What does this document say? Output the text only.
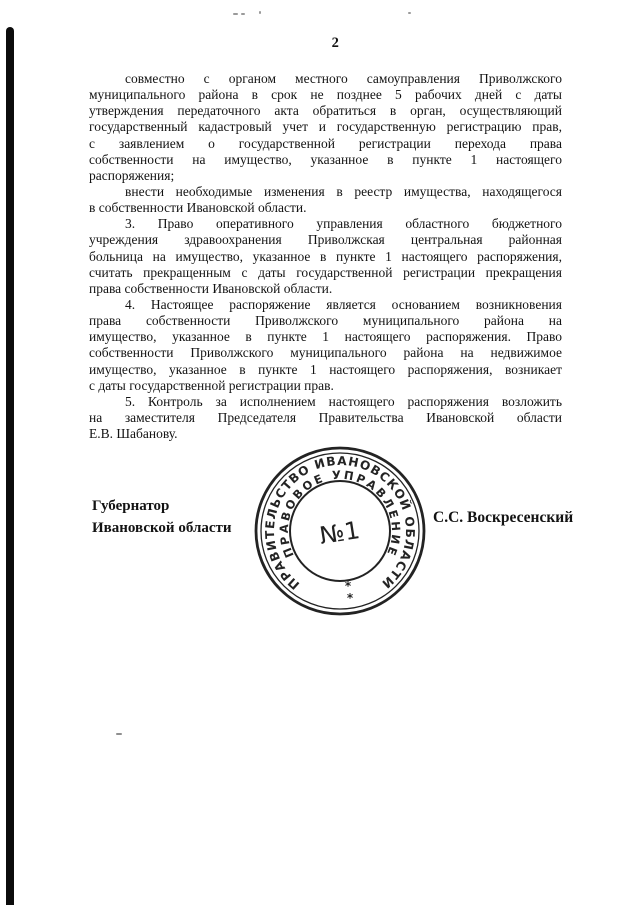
2
совместно с органом местного самоуправления Приволжского
муниципального района в срок не позднее 5 рабочих дней с даты
утверждения передаточного акта обратиться в орган, осуществляющий
государственный кадастровый учет и государственную регистрацию прав,
с заявлением о государственной регистрации перехода права
собственности на имущество, указанное в пункте 1 настоящего
распоряжения;
внести необходимые изменения в реестр имущества, находящегося
в собственности Ивановской области.
3. Право оперативного управления областного бюджетного
учреждения здравоохранения Приволжская центральная районная
больница на имущество, указанное в пункте 1 настоящего распоряжения,
считать прекращенным с даты государственной регистрации прекращения
права собственности Ивановской области.
4. Настоящее распоряжение является основанием возникновения
права собственности Приволжского муниципального района на
имущество, указанное в пункте 1 настоящего распоряжения. Право
собственности Приволжского муниципального района на недвижимое
имущество, указанное в пункте 1 настоящего распоряжения, возникает
с даты государственной регистрации прав.
5. Контроль за исполнением настоящего распоряжения возложить
на заместителя Председателя Правительства Ивановской области
Е.В. Шабанову.
Губернатор
Ивановской области
С.С. Воскресенский
ПРАВИТЕЛЬСТВО ИВАНОВСКОЙ ОБЛАСТИ
ПРАВОВОЕ УПРАВЛЕНИЕ
*
*
№1
